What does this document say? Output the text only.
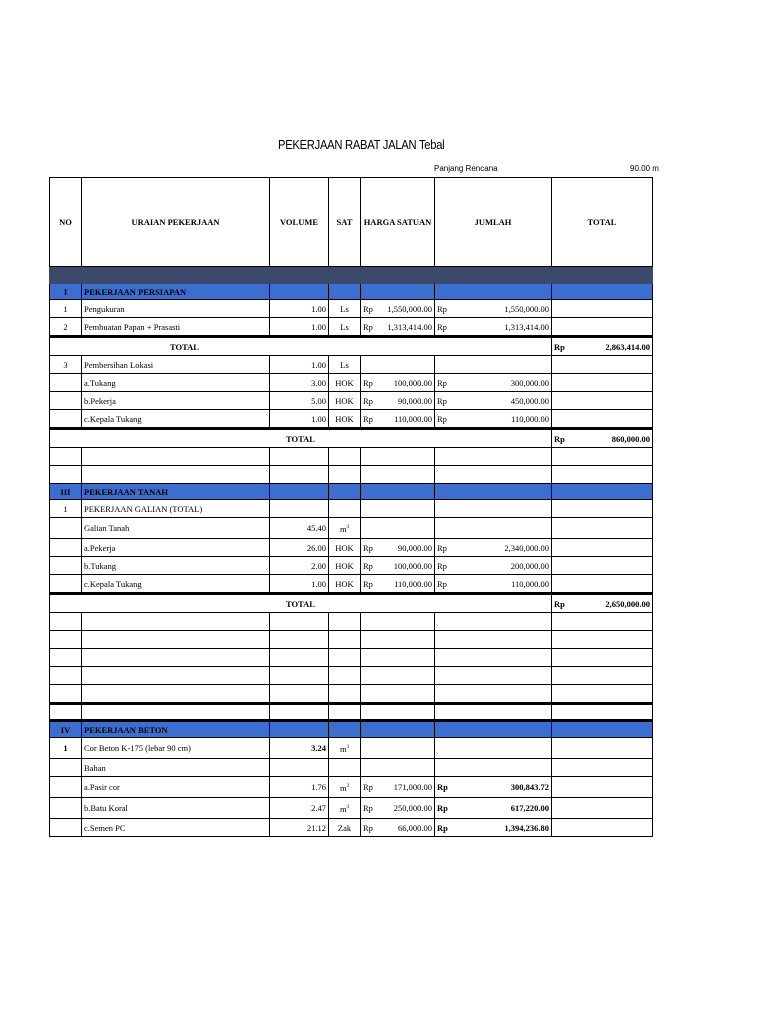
PEKERJAAN RABAT JALAN Tebal
Panjang Rencana	90.00 m
NO	URAIAN PEKERJAAN	VOLUME	SAT	HARGA SATUAN	JUMLAH	TOTAL

I	PEKERJAAN PERSIAPAN					
1	Pengukuran	1.00	Ls	Rp 1,550,000.00	Rp 1,550,000.00	

2	Pembuatan Papan + Prasasti	1.00	Ls	Rp 1,313,414.00	Rp 1,313,414.00	

TOTAL						Rp 2,863,414.00

3	Pembersihan Lokasi	1.00	Ls			
	a.Tukang	3.00	HOK	Rp 100,000.00	Rp 300,000.00	

	b.Pekerja	5.00	HOK	Rp 90,000.00	Rp 450,000.00	

	c.Kepala Tukang	1.00	HOK	Rp 110,000.00	Rp 110,000.00	

TOTAL						Rp 860,000.00

III	PEKERJAAN TANAH					
1	PEKERJAAN GALIAN (TOTAL)					
	Galian Tanah	45.40	$m^3$			
	a.Pekerja	26.00	HOK	Rp 90,000.00	Rp 2,340,000.00	

	b.Tukang	2.00	HOK	Rp 100,000.00	Rp 200,000.00	

	c.Kepala Tukang	1.00	HOK	Rp 110,000.00	Rp 110,000.00	

TOTAL						Rp 2,650,000.00

IV	PEKERJAAN BETON					
1	Cor Beton K-175 (lebar 90 cm)	3.24	$m^3$			
	Bahan					
	a.Pasir cor	1.76	$m^3$	Rp 171,000.00	Rp 300,843.72	

	b.Batu Koral	2.47	$m^3$	Rp 250,000.00	Rp 617,220.00	

	c.Semen PC	21.12	Zak	Rp 66,000.00	Rp 1,394,236.80	
